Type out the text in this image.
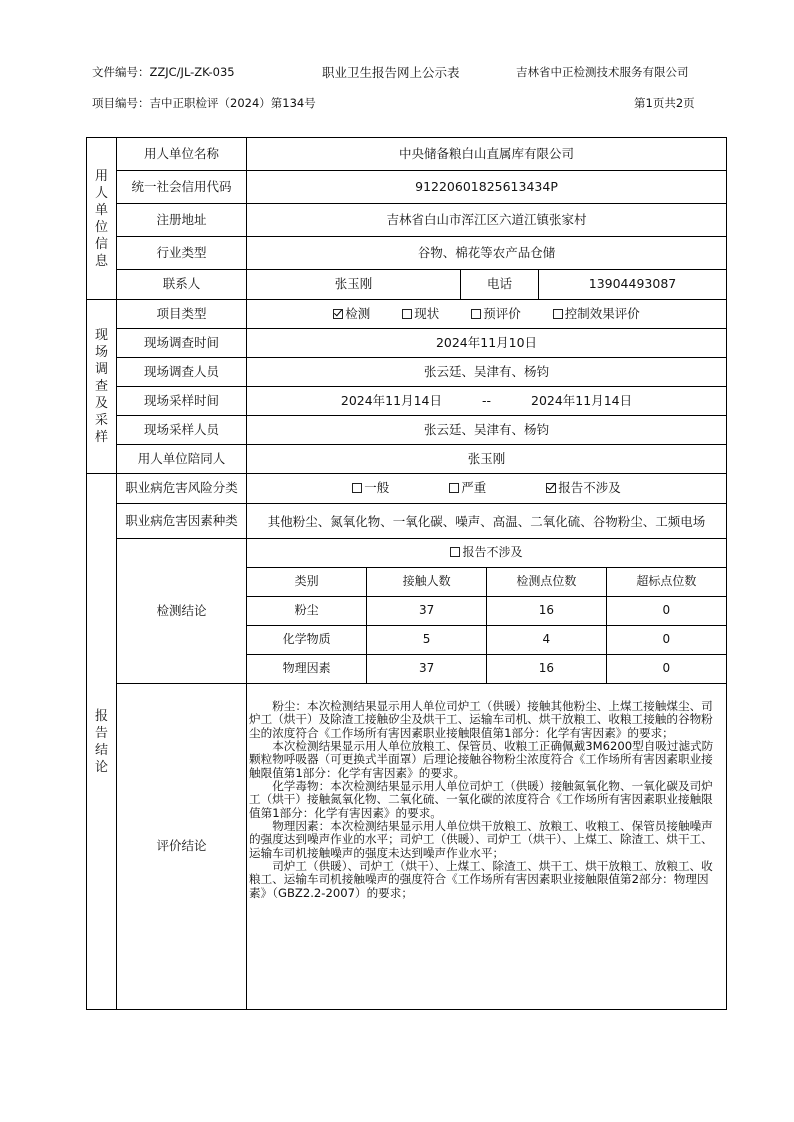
文件编号：ZZJC/JL-ZK-035	职业卫生报告网上公示表	吉林省中正检测技术服务有限公司
项目编号：吉中正职检评（2024）第134号	第1页共2页
用人单位信息	用人单位名称	中央储备粮白山直属库有限公司
统一社会信用代码	91220601825613434P
注册地址	吉林省白山市浑江区六道江镇张家村
行业类型	谷物、棉花等农产品仓储
联系人	张玉刚	电话	13904493087
现场调查及采样	项目类型	检测	现状	预评价	控制效果评价
现场调查时间	2024年11月10日
现场调查人员	张云廷、吴津有、杨钧
现场采样时间	2024年11月14日	--	2024年11月14日
现场采样人员	张云廷、吴津有、杨钧
用人单位陪同人	张玉刚
报告结论	职业病危害风险分类	一般	严重	报告不涉及
职业病危害因素种类	其他粉尘、氮氧化物、一氧化碳、噪声、高温、二氧化硫、谷物粉尘、工频电场
检测结论	
报告不涉及
类别	接触人数	检测点位数	超标点位数
粉尘	37	16	0
化学物质	5	4	0
物理因素	37	16	0

评价结论	

粉尘：本次检测结果显示用人单位司炉工（供暖）接触其他粉尘、上煤工接触煤尘、司炉工（烘干）及除渣工接触矽尘及烘干工、运输车司机、烘干放粮工、收粮工接触的谷物粉尘的浓度符合《工作场所有害因素职业接触限值第1部分：化学有害因素》的要求；

本次检测结果显示用人单位放粮工、保管员、收粮工正确佩戴3M6200型自吸过滤式防颗粒物呼吸器（可更换式半面罩）后理论接触谷物粉尘浓度符合《工作场所有害因素职业接触限值第1部分：化学有害因素》的要求。

化学毒物：本次检测结果显示用人单位司炉工（供暖）接触氮氧化物、一氧化碳及司炉工（烘干）接触氮氧化物、二氧化硫、一氧化碳的浓度符合《工作场所有害因素职业接触限值第1部分：化学有害因素》的要求。

物理因素：本次检测结果显示用人单位烘干放粮工、放粮工、收粮工、保管员接触噪声的强度达到噪声作业的水平；司炉工（供暖）、司炉工（烘干）、上煤工、除渣工、烘干工、运输车司机接触噪声的强度未达到噪声作业水平；

司炉工（供暖）、司炉工（烘干）、上煤工、除渣工、烘干工、烘干放粮工、放粮工、收粮工、运输车司机接触噪声的强度符合《工作场所有害因素职业接触限值第2部分：物理因素》（GBZ2.2-2007）的要求；
